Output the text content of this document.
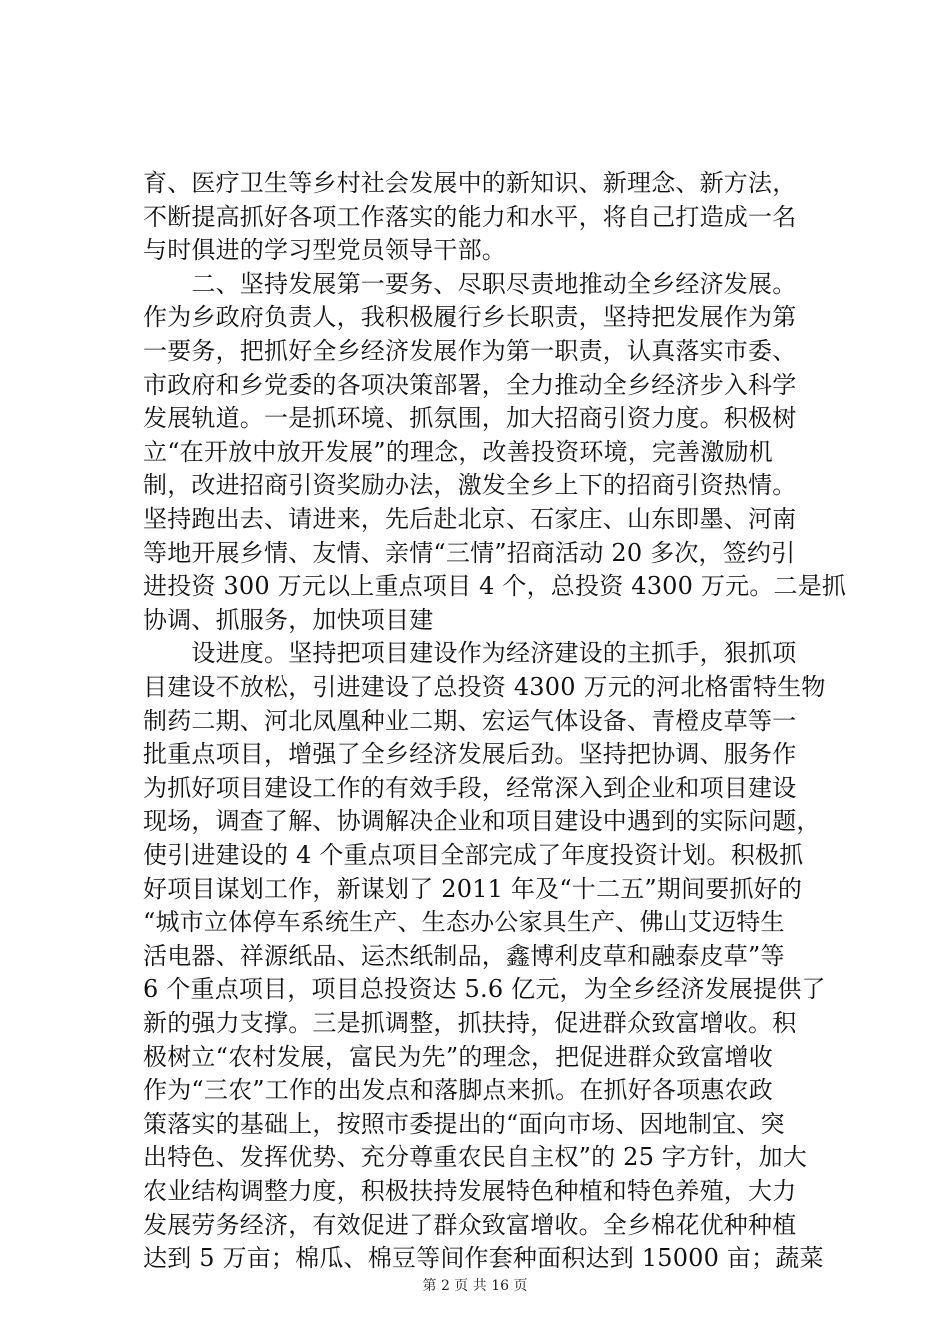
育、医疗卫生等乡村社会发展中的新知识、新理念、新方法，
不断提高抓好各项工作落实的能力和水平，将自己打造成一名
与时俱进的学习型党员领导干部。
　　二、坚持发展第一要务、尽职尽责地推动全乡经济发展。
作为乡政府负责人，我积极履行乡长职责，坚持把发展作为第
一要务，把抓好全乡经济发展作为第一职责，认真落实市委、
市政府和乡党委的各项决策部署，全力推动全乡经济步入科学
发展轨道。一是抓环境、抓氛围，加大招商引资力度。积极树
立“在开放中放开发展”的理念，改善投资环境，完善激励机
制，改进招商引资奖励办法，激发全乡上下的招商引资热情。
坚持跑出去、请进来，先后赴北京、石家庄、山东即墨、河南
等地开展乡情、友情、亲情“三情”招商活动 20 多次，签约引
进投资 300 万元以上重点项目 4 个，总投资 4300 万元。二是抓
协调、抓服务，加快项目建
　　设进度。坚持把项目建设作为经济建设的主抓手，狠抓项
目建设不放松，引进建设了总投资 4300 万元的河北格雷特生物
制药二期、河北凤凰种业二期、宏运气体设备、青橙皮草等一
批重点项目，增强了全乡经济发展后劲。坚持把协调、服务作
为抓好项目建设工作的有效手段，经常深入到企业和项目建设
现场，调查了解、协调解决企业和项目建设中遇到的实际问题，
使引进建设的 4 个重点项目全部完成了年度投资计划。积极抓
好项目谋划工作，新谋划了 2011 年及“十二五”期间要抓好的
“城市立体停车系统生产、生态办公家具生产、佛山艾迈特生
活电器、祥源纸品、运杰纸制品，鑫博利皮草和融泰皮草”等
6 个重点项目，项目总投资达 5.6 亿元，为全乡经济发展提供了
新的强力支撑。三是抓调整，抓扶持，促进群众致富增收。积
极树立“农村发展，富民为先”的理念，把促进群众致富增收
作为“三农”工作的出发点和落脚点来抓。在抓好各项惠农政
策落实的基础上，按照市委提出的“面向市场、因地制宜、突
出特色、发挥优势、充分尊重农民自主权”的 25 字方针，加大
农业结构调整力度，积极扶持发展特色种植和特色养殖，大力
发展劳务经济，有效促进了群众致富增收。全乡棉花优种种植
达到 5 万亩；棉瓜、棉豆等间作套种面积达到 15000 亩；蔬菜
第 2 页 共 16 页
